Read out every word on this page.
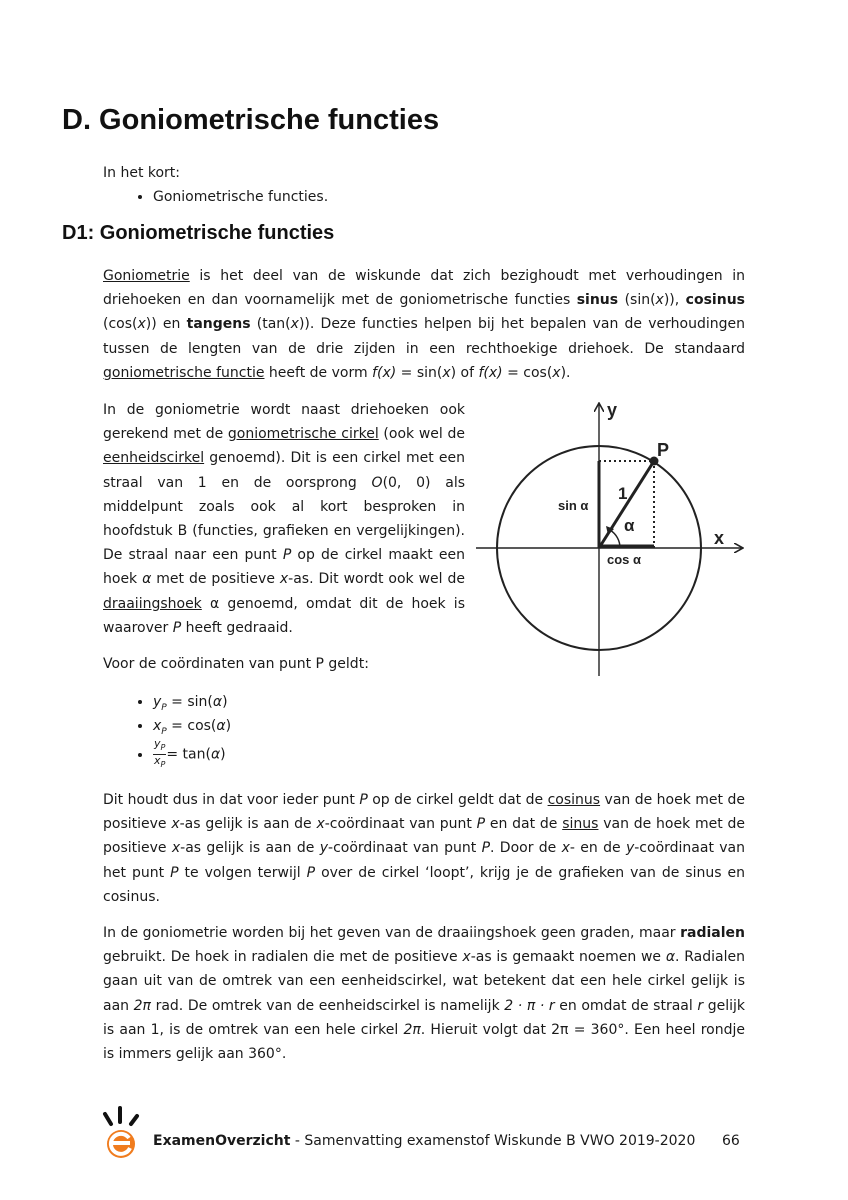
D. Goniometrische functies
In het kort:
• Goniometrische functies.
D1: Goniometrische functies

Goniometrie is het deel van de wiskunde dat zich bezighoudt met verhoudingen in driehoeken en dan voornamelijk met de goniometrische functies sinus (sin(x)), cosinus (cos(x)) en tangens (tan(x)). Deze functies helpen bij het bepalen van de verhoudingen tussen de lengten van de drie zijden in een rechthoekige driehoek. De standaard goniometrische functie heeft de vorm f(x) = sin(x) of f(x) = cos(x).

In de goniometrie wordt naast driehoeken ook gerekend met de goniometrische cirkel (ook wel de eenheidscirkel genoemd). Dit is een cirkel met een straal van 1 en de oorsprong O(0, 0) als middelpunt zoals ook al kort besproken in hoofdstuk B (functies, grafieken en vergelijkingen). De straal naar een punt P op de cirkel maakt een hoek α met de positieve x-as. Dit wordt ook wel de draaiingshoek α genoemd, omdat dit de hoek is waarover P heeft gedraaid.

y
x
P
1
α
sin α
cos α

Voor de coördinaten van punt P geldt:

• $y_P = \sin(\alpha)$
• $x_P = \cos(\alpha)$
• $\frac{y_P}{x_P} = \tan(\alpha)$

Dit houdt dus in dat voor ieder punt P op de cirkel geldt dat de cosinus van de hoek met de positieve x-as gelijk is aan de x-coördinaat van punt P en dat de sinus van de hoek met de positieve x-as gelijk is aan de y-coördinaat van punt P. Door de x- en de y-coördinaat van het punt P te volgen terwijl P over de cirkel ‘loopt’, krijg je de grafieken van de sinus en cosinus.

In de goniometrie worden bij het geven van de draaiingshoek geen graden, maar radialen gebruikt. De hoek in radialen die met de positieve x-as is gemaakt noemen we α. Radialen gaan uit van de omtrek van een eenheidscirkel, wat betekent dat een hele cirkel gelijk is aan 2π rad. De omtrek van de eenheidscirkel is namelijk 2 · π · r en omdat de straal r gelijk is aan 1, is de omtrek van een hele cirkel 2π. Hieruit volgt dat 2π = 360°. Een heel rondje is immers gelijk aan 360°.

ExamenOverzicht - Samenvatting examenstof Wiskunde B VWO 2019-2020 66
